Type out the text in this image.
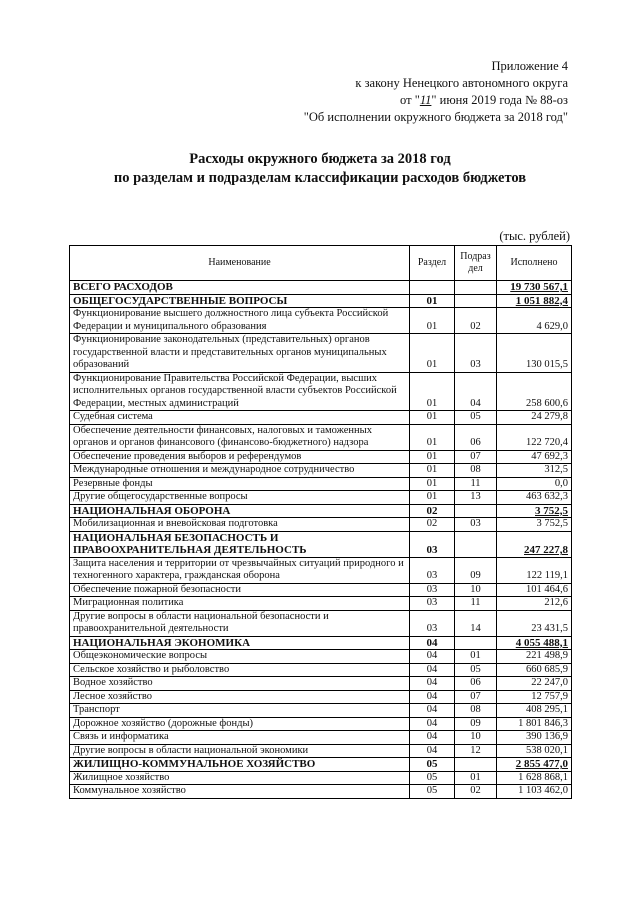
Приложение 4
к закону Ненецкого автономного округа
от "11" июня 2019 года № 88-оз
"Об исполнении окружного бюджета за 2018 год"
Расходы окружного бюджета за 2018 год
по разделам и подразделам классификации расходов бюджетов
(тыс. рублей)
Наименование	Раздел	Подраз дел	Исполнено
ВСЕГО РАСХОДОВ			19 730 567,1
ОБЩЕГОСУДАРСТВЕННЫЕ ВОПРОСЫ	01		1 051 882,4
Функционирование высшего должностного лица субъекта Российской Федерации и муниципального образования	01	02	4 629,0
Функционирование законодательных (представительных) органов государственной власти и представительных органов муниципальных образований	01	03	130 015,5
Функционирование Правительства Российской Федерации, высших исполнительных органов государственной власти субъектов Российской Федерации, местных администраций	01	04	258 600,6
Судебная система	01	05	24 279,8
Обеспечение деятельности финансовых, налоговых и таможенных органов и органов финансового (финансово-бюджетного) надзора	01	06	122 720,4
Обеспечение проведения выборов и референдумов	01	07	47 692,3
Международные отношения и международное сотрудничество	01	08	312,5
Резервные фонды	01	11	0,0
Другие общегосударственные вопросы	01	13	463 632,3
НАЦИОНАЛЬНАЯ ОБОРОНА	02		3 752,5
Мобилизационная и вневойсковая подготовка	02	03	3 752,5
НАЦИОНАЛЬНАЯ БЕЗОПАСНОСТЬ И ПРАВООХРАНИТЕЛЬНАЯ ДЕЯТЕЛЬНОСТЬ	03		247 227,8
Защита населения и территории от чрезвычайных ситуаций природного и техногенного характера, гражданская оборона	03	09	122 119,1
Обеспечение пожарной безопасности	03	10	101 464,6
Миграционная политика	03	11	212,6
Другие вопросы в области национальной безопасности и правоохранительной деятельности	03	14	23 431,5
НАЦИОНАЛЬНАЯ ЭКОНОМИКА	04		4 055 488,1
Общеэкономические вопросы	04	01	221 498,9
Сельское хозяйство и рыболовство	04	05	660 685,9
Водное хозяйство	04	06	22 247,0
Лесное хозяйство	04	07	12 757,9
Транспорт	04	08	408 295,1
Дорожное хозяйство (дорожные фонды)	04	09	1 801 846,3
Связь и информатика	04	10	390 136,9
Другие вопросы в области национальной экономики	04	12	538 020,1
ЖИЛИЩНО-КОММУНАЛЬНОЕ ХОЗЯЙСТВО	05		2 855 477,0
Жилищное хозяйство	05	01	1 628 868,1
Коммунальное хозяйство	05	02	1 103 462,0
